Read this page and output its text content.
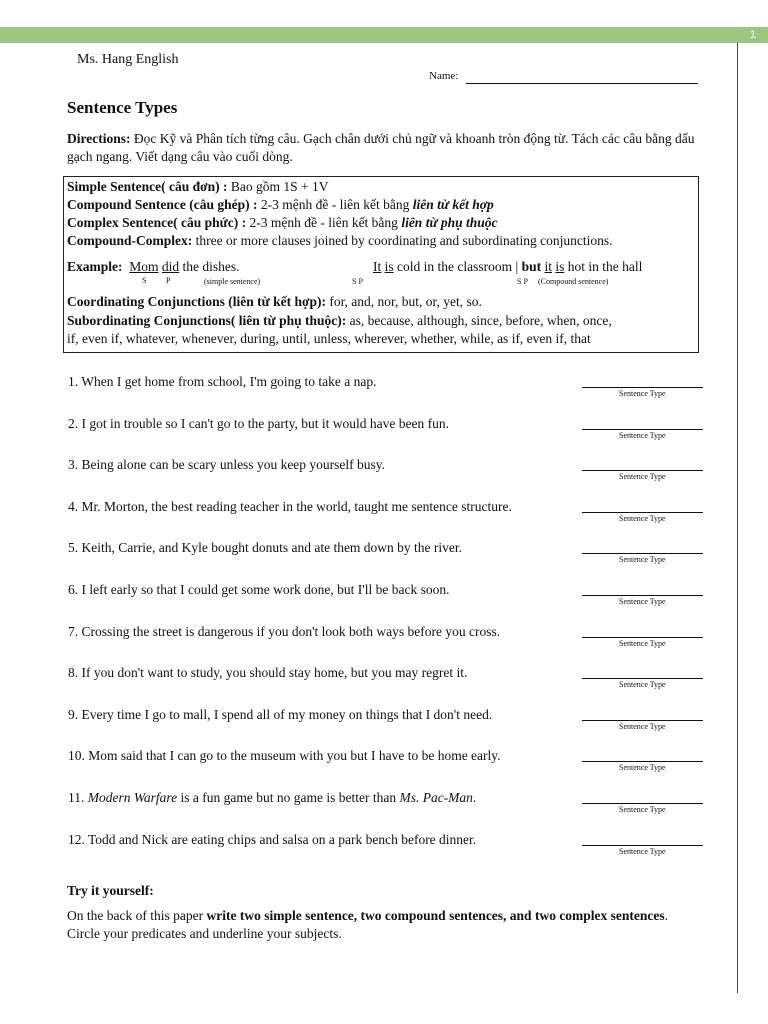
1
Ms. Hang English
Name:
Sentence Types
Directions: Đọc Kỹ và Phân tích từng câu. Gạch chân dưới chủ ngữ và khoanh tròn động từ. Tách các câu bằng dấu gạch ngang. Viết dạng câu vào cuối dòng.
Simple Sentence( câu đơn) : Bao gồm 1S + 1V
Compound Sentence (câu ghép) : 2-3 mệnh đề - liên kết bằng liên từ kết hợp
Complex Sentence( câu phức) : 2-3 mệnh đề - liên kết bằng liên từ phụ thuộc
Compound-Complex: three or more clauses joined by coordinating and subordinating conjunctions.
Example: Mom did the dishes.
S P	(simple sentence)
It is cold in the classroom | but it is hot in the hall
S P	S P (Compound sentence)
Coordinating Conjunctions (liên từ kết hợp): for, and, nor, but, or, yet, so.
Subordinating Conjunctions( liên từ phụ thuộc): as, because, although, since, before, when, once,
if, even if, whatever, whenever, during, until, unless, wherever, whether, while, as if, even if, that
1. When I get home from school, I'm going to take a nap.
Sentence Type
2. I got in trouble so I can't go to the party, but it would have been fun.
Sentence Type
3. Being alone can be scary unless you keep yourself busy.
Sentence Type
4. Mr. Morton, the best reading teacher in the world, taught me sentence structure.
Sentence Type
5. Keith, Carrie, and Kyle bought donuts and ate them down by the river.
Sentence Type
6. I left early so that I could get some work done, but I'll be back soon.
Sentence Type
7. Crossing the street is dangerous if you don't look both ways before you cross.
Sentence Type
8. If you don't want to study, you should stay home, but you may regret it.
Sentence Type
9. Every time I go to mall, I spend all of my money on things that I don't need.
Sentence Type
10. Mom said that I can go to the museum with you but I have to be home early.
Sentence Type
11. Modern Warfare is a fun game but no game is better than Ms. Pac-Man.
Sentence Type
12. Todd and Nick are eating chips and salsa on a park bench before dinner.
Sentence Type
Try it yourself:
On the back of this paper write two simple sentence, two compound sentences, and two complex sentences. Circle your predicates and underline your subjects.
